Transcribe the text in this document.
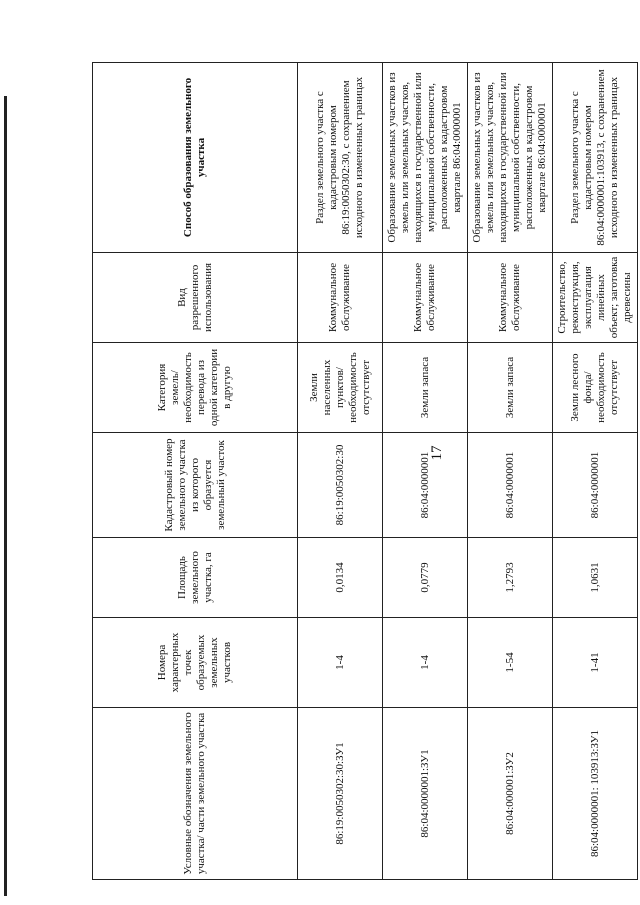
17
Условные обозначения земельного участка/ части земельного участка	Номера характерных точек образуемых земельных участков	Площадь земельного участка, га	Кадастровый номер земельного участка из которого образуется земельный участок	Категория земель/необходимость перевода из одной категории в другую	Вид разрешенного использования	Способ образования земельного участка
86:19:0050302:30:ЗУ1	1-4	0,0134	86:19:0050302:30	Земли населенных пунктов/ необходимость отсутствует	Коммунальное обслуживание	Раздел земельного участка с кадастровым номером 86:19:0050302:30, с сохранением исходного в измененных границах
86:04:0000001:ЗУ1	1-4	0,0779	86:04:0000001	Земли запаса	Коммунальное обслуживание	Образование земельных участков из земель или земельных участков, находящихся в государственной или муниципальной собственности, расположенных в кадастровом квартале 86:04:0000001
86:04:000001:ЗУ2	1-54	1,2793	86:04:0000001	Земли запаса	Коммунальное обслуживание	Образование земельных участков из земель или земельных участков, находящихся в государственной или муниципальной собственности, расположенных в кадастровом квартале 86:04:0000001
86:04:0000001: 103913:ЗУ1	1-41	1,0631	86:04:0000001	Земли лесного фонда/ необходимость отсутствует	Строительство, реконструкция, эксплуатация линейных объект; заготовка древесины	Раздел земельного участка с кадастровым номером 86:04:0000001:103913, с сохранением исходного в измененных границах
